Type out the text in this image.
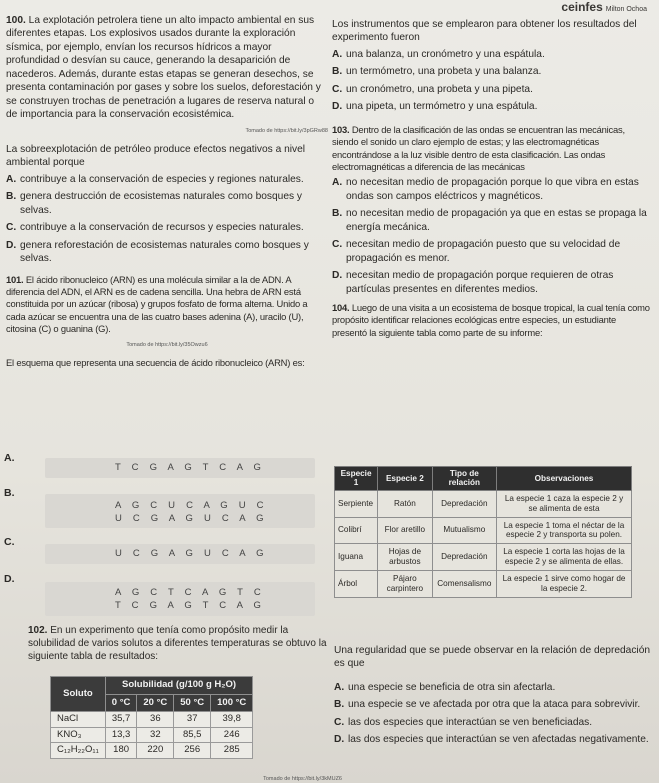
ceinfes Milton Ochoa

100. La explotación petrolera tiene un alto impacto ambiental en sus diferentes etapas. Los explosivos usados durante la exploración sísmica, por ejemplo, envían los recursos hídricos a mayor profundidad o desvían su cauce, generando la desaparición de nacederos. Además, durante estas etapas se generan desechos, se presenta contaminación por gases y sobre los suelos, deforestación y se construyen trochas de penetración a lugares de reserva natural o de importancia para la conservación ecosistémica.

Tomado de https://bit.ly/3pGRw88

La sobreexplotación de petróleo produce efectos negativos a nivel ambiental porque

A. contribuye a la conservación de especies y regiones naturales.
B. genera destrucción de ecosistemas naturales como bosques y selvas.
C. contribuye a la conservación de recursos y especies naturales.
D. genera reforestación de ecosistemas naturales como bosques y selvas.

101. El ácido ribonucleico (ARN) es una molécula similar a la de ADN. A diferencia del ADN, el ARN es de cadena sencilla. Una hebra de ARN está constituida por un azúcar (ribosa) y grupos fosfato de forma alterna. Unido a cada azúcar se encuentra una de las cuatro bases adenina (A), uracilo (U), citosina (C) o guanina (G).

Tomado de https://bit.ly/35Owzu6

El esquema que representa una secuencia de ácido ribonucleico (ARN) es:

A.
T C G A G T C A G
B.
A G C U C A G U C
U C G A G U C A G
C.
U C G A G U C A G
D.
A G C T C A G T C
T C G A G T C A G

102. En un experimento que tenía como propósito medir la solubilidad de varios solutos a diferentes temperaturas se obtuvo la siguiente tabla de resultados:

Soluto	Solubilidad (g/100 g H₂O)			
	0 °C	20 °C	50 °C	100 °C
NaCl	35,7	36	37	39,8
KNO₃	13,3	32	85,5	246
C₁₂H₂₂O₁₁	180	220	256	285

Los instrumentos que se emplearon para obtener los resultados del experimento fueron

A. una balanza, un cronómetro y una espátula.
B. un termómetro, una probeta y una balanza.
C. un cronómetro, una probeta y una pipeta.
D. una pipeta, un termómetro y una espátula.

103. Dentro de la clasificación de las ondas se encuentran las mecánicas, siendo el sonido un claro ejemplo de estas; y las electromagnéticas encontrándose a la luz visible dentro de esta clasificación. Las ondas electromagnéticas a diferencia de las mecánicas

A. no necesitan medio de propagación porque lo que vibra en estas ondas son campos eléctricos y magnéticos.
B. no necesitan medio de propagación ya que en estas se propaga la energía mecánica.
C. necesitan medio de propagación puesto que su velocidad de propagación es menor.
D. necesitan medio de propagación porque requieren de otras partículas presentes en diferentes medios.

104. Luego de una visita a un ecosistema de bosque tropical, la cual tenía como propósito identificar relaciones ecológicas entre especies, un estudiante presentó la siguiente tabla como parte de su informe:

Especie 1	Especie 2	Tipo de relación	Observaciones
Serpiente	Ratón	Depredación	La especie 1 caza la especie 2 y se alimenta de esta
Colibrí	Flor aretillo	Mutualismo	La especie 1 toma el néctar de la especie 2 y transporta su polen.
Iguana	Hojas de arbustos	Depredación	La especie 1 corta las hojas de la especie 2 y se alimenta de ellas.
Árbol	Pájaro carpintero	Comensalismo	La especie 1 sirve como hogar de la especie 2.

Una regularidad que se puede observar en la relación de depredación es que

A. una especie se beneficia de otra sin afectarla.
B. una especie se ve afectada por otra que la ataca para sobrevivir.
C. las dos especies que interactúan se ven beneficiadas.
D. las dos especies que interactúan se ven afectadas negativamente.
Tomado de https://bit.ly/3kMUZ6
